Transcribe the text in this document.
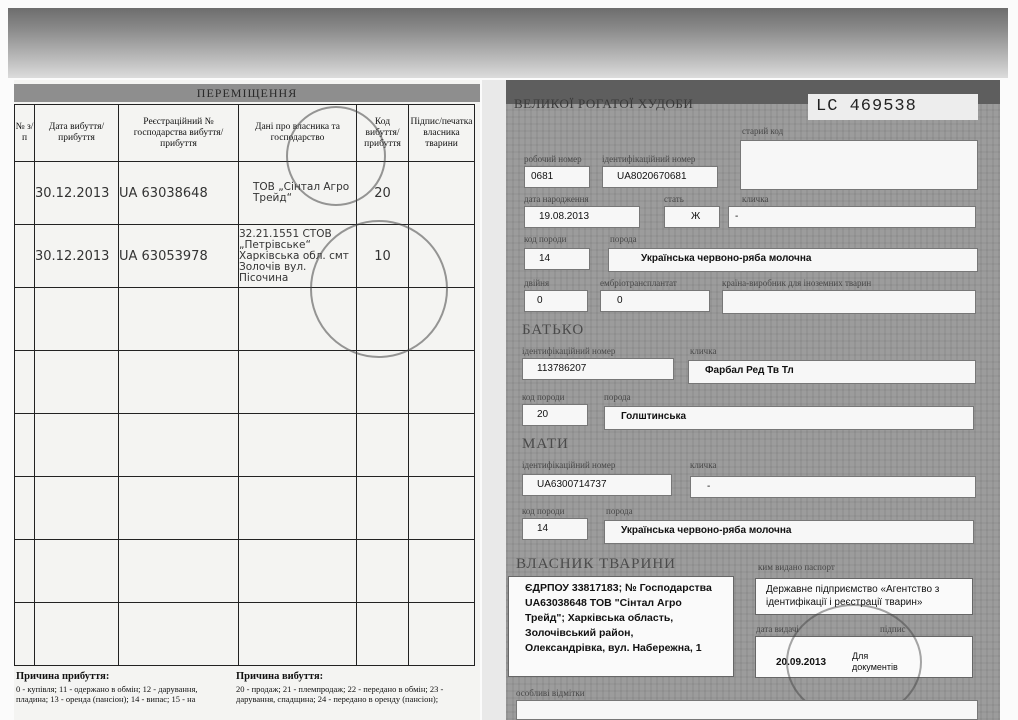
ПЕРЕМІЩЕННЯ
№ з/п	Дата вибуття/прибуття	Реєстраційний № господарства вибуття/прибуття	Дані про власника та господарство	Код вибуття/прибуття	Підпис/печатка власника тварини
	30.12.2013	UA 63038648	ТОВ „Сінтал Агро Трейд“	20	
	30.12.2013	UA 63053978	32.21.1551 СТОВ „Петрівське“ Харківська обл. смт Золочів вул. Пісочина	10	

Причина прибуття:
0 - купівля; 11 - одержано в обмін; 12 - дарування, пладина; 13 - оренда (пансіон); 14 - випас; 15 - на
Причина вибуття:
20 - продаж; 21 - племпродаж; 22 - передано в обмін; 23 - дарування, спадщина; 24 - передано в оренду (пансіон);
ВЕЛИКОЇ РОГАТОЇ ХУДОБИ	LC 469538
старий код
робочий номер ідентифікаційний номер
0681	UA8020670681
дата народження	стать	кличка
19.08.2013	Ж	-
код породи	порода
14	Українська червоно-ряба молочна
двійня	ембріотрансплантат	країна-виробник для іноземних тварин
0	0
БАТЬКО
ідентифікаційний номер	кличка
113786207	Фарбал Ред Тв Тл
код породи	порода
20	Голштинська
МАТИ
ідентифікаційний номер	кличка
UA6300714737	-
код породи	порода
14	Українська червоно-ряба молочна
ВЛАСНИК ТВАРИНИ	ким видано паспорт
ЄДРПОУ 33817183; № Господарства
UA63038648 ТОВ "Сінтал Агро
Трейд"; Харківська область,
Золочівський район,
Олександрівка, вул. Набережна, 1
Державне підприємство «Агентство з
ідентифікації і реєстрації тварин»
дата видачі	підпис
20.09.2013
Для документів
особливі відмітки
